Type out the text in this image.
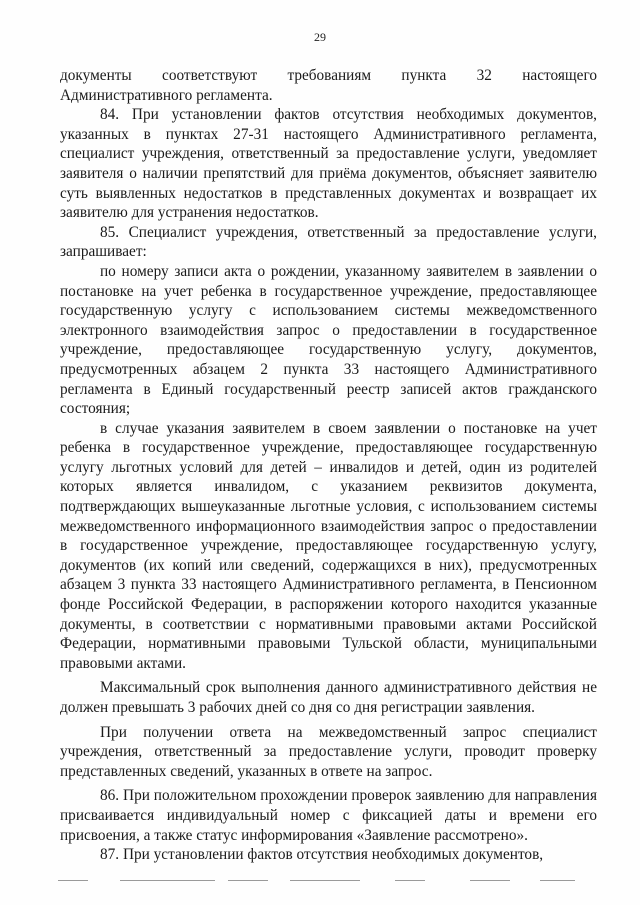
29

документы соответствуют требованиям пункта 32 настоящего Административного регламента.

84. При установлении фактов отсутствия необходимых документов, указанных в пунктах 27-31 настоящего Административного регламента, специалист учреждения, ответственный за предоставление услуги, уведомляет заявителя о наличии препятствий для приёма документов, объясняет заявителю суть выявленных недостатков в представленных документах и возвращает их заявителю для устранения недостатков.

85. Специалист учреждения, ответственный за предоставление услуги, запрашивает:

по номеру записи акта о рождении, указанному заявителем в заявлении о постановке на учет ребенка в государственное учреждение, предоставляющее государственную услугу с использованием системы межведомственного электронного взаимодействия запрос о предоставлении в государственное учреждение, предоставляющее государственную услугу, документов, предусмотренных абзацем 2 пункта 33 настоящего Административного регламента в Единый государственный реестр записей актов гражданского состояния;

в случае указания заявителем в своем заявлении о постановке на учет ребенка в государственное учреждение, предоставляющее государственную услугу льготных условий для детей – инвалидов и детей, один из родителей которых является инвалидом, с указанием реквизитов документа, подтверждающих вышеуказанные льготные условия, с использованием системы межведомственного информационного взаимодействия запрос о предоставлении в государственное учреждение, предоставляющее государственную услугу, документов (их копий или сведений, содержащихся в них), предусмотренных абзацем 3 пункта 33 настоящего Административного регламента, в Пенсионном фонде Российской Федерации, в распоряжении которого находится указанные документы, в соответствии с нормативными правовыми актами Российской Федерации, нормативными правовыми Тульской области, муниципальными правовыми актами.

Максимальный срок выполнения данного административного действия не должен превышать 3 рабочих дней со дня со дня регистрации заявления.

При получении ответа на межведомственный запрос специалист учреждения, ответственный за предоставление услуги, проводит проверку представленных сведений, указанных в ответе на запрос.

86. При положительном прохождении проверок заявлению для направления присваивается индивидуальный номер с фиксацией даты и времени его присвоения, а также статус информирования «Заявление рассмотрено».

87. При установлении фактов отсутствия необходимых документов,
